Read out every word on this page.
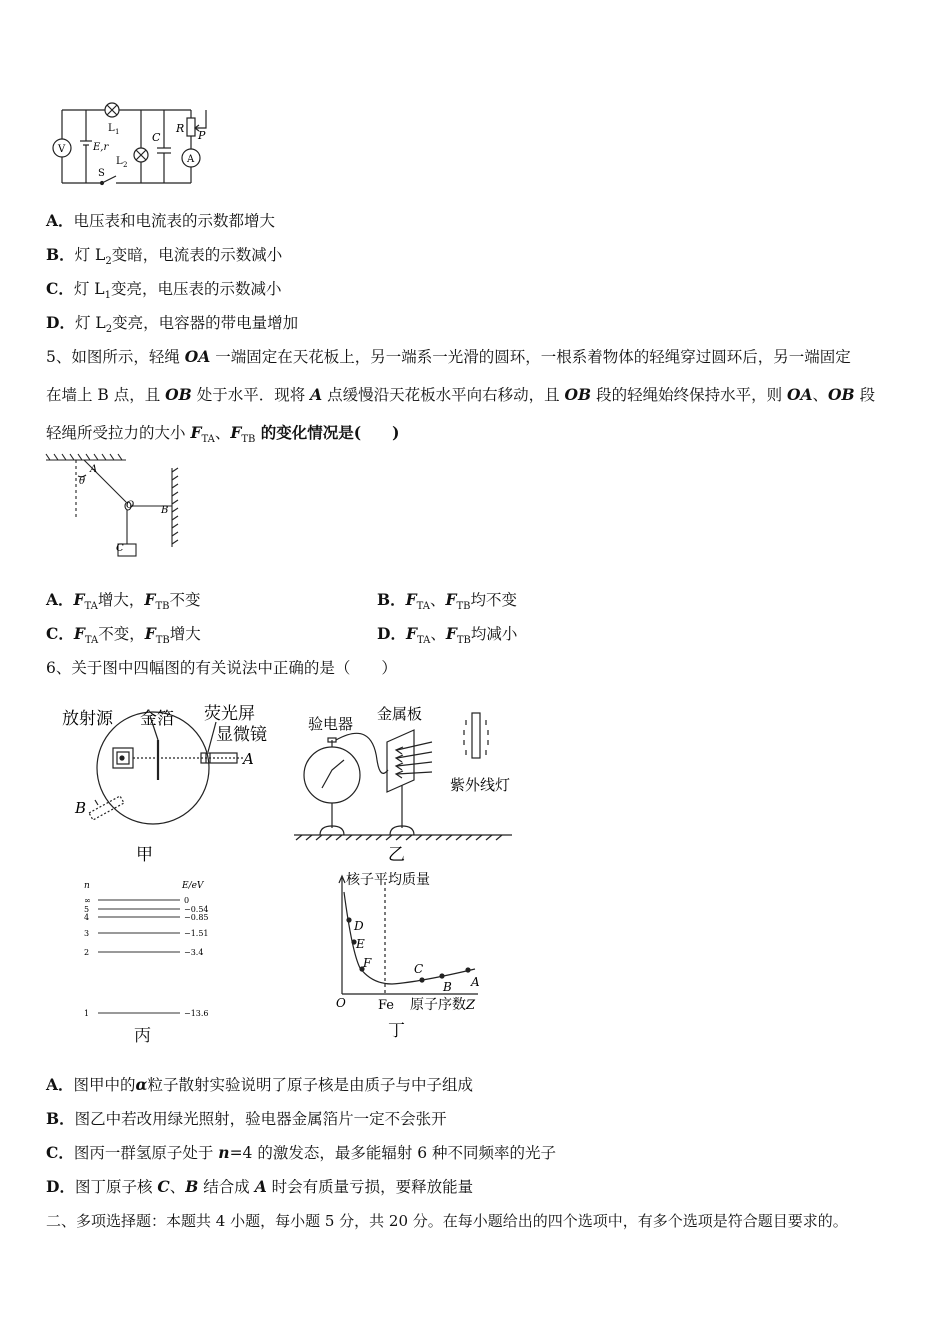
V	E,r
S
L 1
L 2
C
R
P
A
A．电压表和电流表的示数都增大
B．灯 $L_2$变暗，电流表的示数减小
C．灯 $L_1$变亮，电压表的示数减小
D．灯 $L_2$变亮，电容器的带电量增加
5、如图所示，轻绳 OA 一端固定在天花板上，另一端系一光滑的圆环，一根系着物体的轻绳穿过圆环后，另一端固定
在墙上 B 点，且 OB 处于水平．现将 A 点缓慢沿天花板水平向右移动，且 OB 段的轻绳始终保持水平，则 OA、OB 段
轻绳所受拉力的大小 $F_{TA}$、$F_{TB}$ 的变化情况是(　　)
A
θ
O	B
C
A．$F_{TA}$增大，$F_{TB}$不变	B．$F_{TA}$、$F_{TB}$均不变
C．$F_{TA}$不变，$F_{TB}$增大	D．$F_{TA}$、$F_{TB}$均减小
6、关于图中四幅图的有关说法中正确的是（　　）
放射源 金箔 荧光屏
显微镜
A
B
甲
验电器
金属板
紫外线灯
乙
n	E/eV
∞	0
5	−0.54
4	−0.85
3	−1.51
2	−3.4
1	−13.6
丙
核子平均质量
D
E
F	C
B A
O Fe 原子序数 Z
丁
A．图甲中的α粒子散射实验说明了原子核是由质子与中子组成
B．图乙中若改用绿光照射，验电器金属箔片一定不会张开
C．图丙一群氢原子处于 n=4 的激发态，最多能辐射 6 种不同频率的光子
D．图丁原子核 C、B 结合成 A 时会有质量亏损，要释放能量
二、多项选择题：本题共 4 小题，每小题 5 分，共 20 分。在每小题给出的四个选项中，有多个选项是符合题目要求的。
